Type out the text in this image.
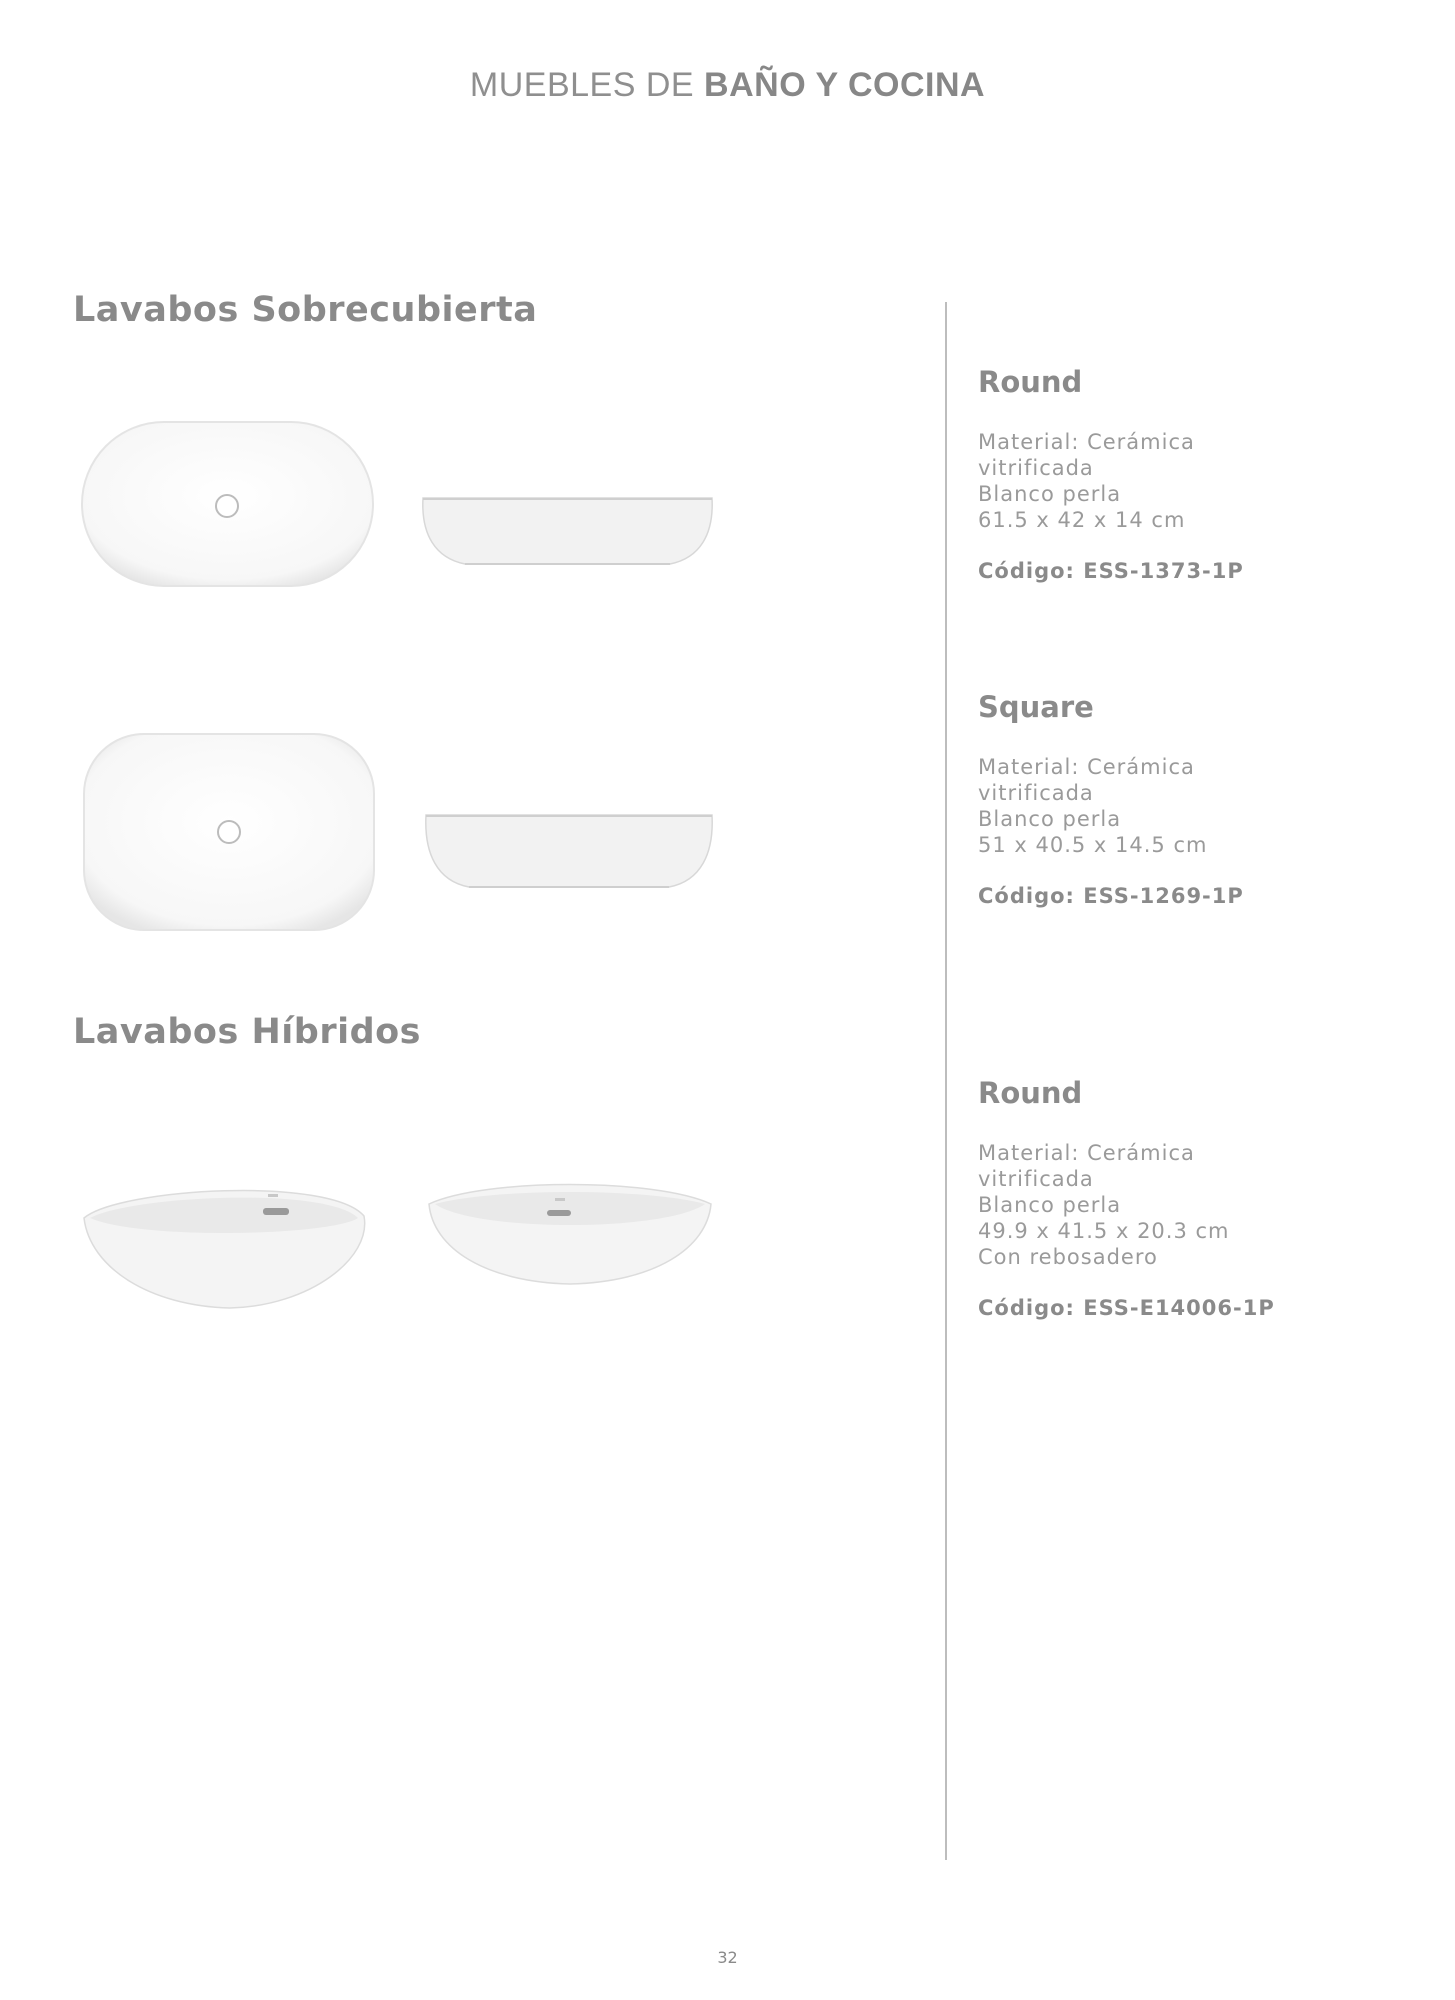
MUEBLES DE BAÑO Y COCINA
Lavabos Sobrecubierta
Lavabos Híbridos
Round
Material: Cerámica
vitrificada
Blanco perla
61.5 x 42 x 14 cm
Código: ESS-1373-1P
Square
Material: Cerámica
vitrificada
Blanco perla
51 x 40.5 x 14.5 cm
Código: ESS-1269-1P
Round
Material: Cerámica
vitrificada
Blanco perla
49.9 x 41.5 x 20.3 cm
Con rebosadero
Código: ESS-E14006-1P
32
